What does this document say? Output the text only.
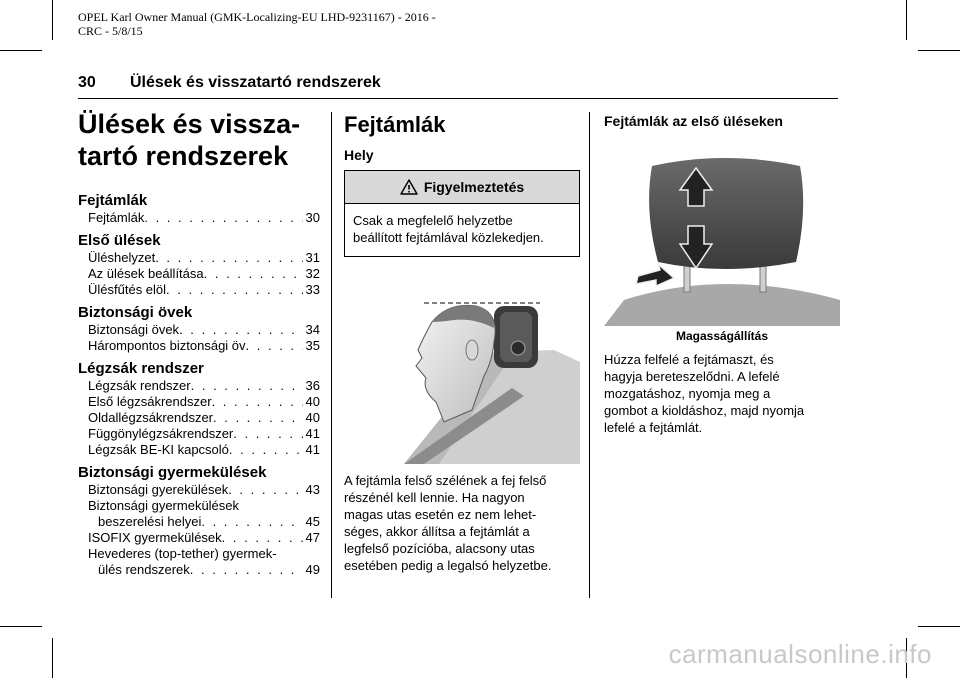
OPEL Karl Owner Manual (GMK-Localizing-EU LHD-9231167) - 2016 -
CRC - 5/8/15
30 Ülések és visszatartó rendszerek
Ülések és vissza-
tartó rendszerek
Fejtámlák
Fejtámlák . . .	30
Első ülések
Üléshelyzet . . .	31
Az ülések beállítása . . .	32
Ülésfűtés elöl . . .	33
Biztonsági övek
Biztonsági övek . . .	34
Hárompontos biztonsági öv . . .	35
Légzsák rendszer
Légzsák rendszer . . .	36
Első légzsákrendszer . . .	40
Oldallégzsákrendszer . . .	40
Függönylégzsákrendszer . . .	41
Légzsák BE-KI kapcsoló . . .	41
Biztonsági gyermekülések
Biztonsági gyerekülések . . .	43
Biztonsági gyermekülések
beszerelési helyei . . .	45
ISOFIX gyermekülések . . .	47
Hevederes (top-tether) gyermek-
ülés rendszerek . . .	49
Fejtámlák
Hely
Figyelmeztetés
Csak a megfelelő helyzetbe
beállított fejtámlával közlekedjen.
A fejtámla felső szélének a fej felső
részénél kell lennie. Ha nagyon
magas utas esetén ez nem lehet-
séges, akkor állítsa a fejtámlát a
legfelső pozícióba, alacsony utas
esetében pedig a legalsó helyzetbe.
Fejtámlák az első üléseken
Magasságállítás
Húzza felfelé a fejtámaszt, és
hagyja bereteszelődni. A lefelé
mozgatáshoz, nyomja meg a
gombot a kioldáshoz, majd nyomja
lefelé a fejtámlát.
carmanualsonline.info
